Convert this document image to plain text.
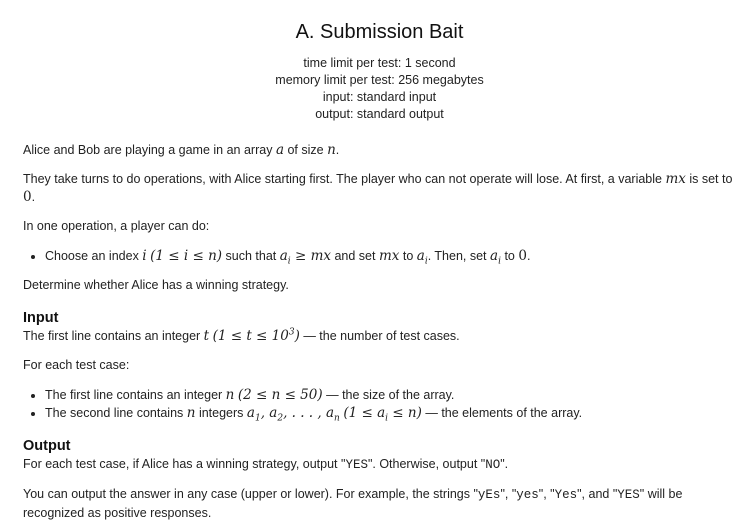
A. Submission Bait
time limit per test: 1 second
memory limit per test: 256 megabytes
input: standard input
output: standard output

Alice and Bob are playing a game in an array a of size n.

They take turns to do operations, with Alice starting first. The player who can not operate will lose. At first, a variable mx is set to 0.

In one operation, a player can do:

• Choose an index i (1 ≤ i ≤ n) such that $a_i$ ≥ mx and set mx to $a_i$. Then, set $a_i$ to 0.

Determine whether Alice has a winning strategy.

Input

The first line contains an integer t $(1 \le t \le 10^3)$ — the number of test cases.

For each test case:

• The first line contains an integer n (2 ≤ n ≤ 50) — the size of the array.
• The second line contains n integers $a_1$, $a_2$, . . . , $a_n$ $(1 \le a_i \le n)$ — the elements of the array.
Output

For each test case, if Alice has a winning strategy, output "YES". Otherwise, output "NO".

You can output the answer in any case (upper or lower). For example, the strings "yEs", "yes", "Yes", and "YES" will be recognized as positive responses.
